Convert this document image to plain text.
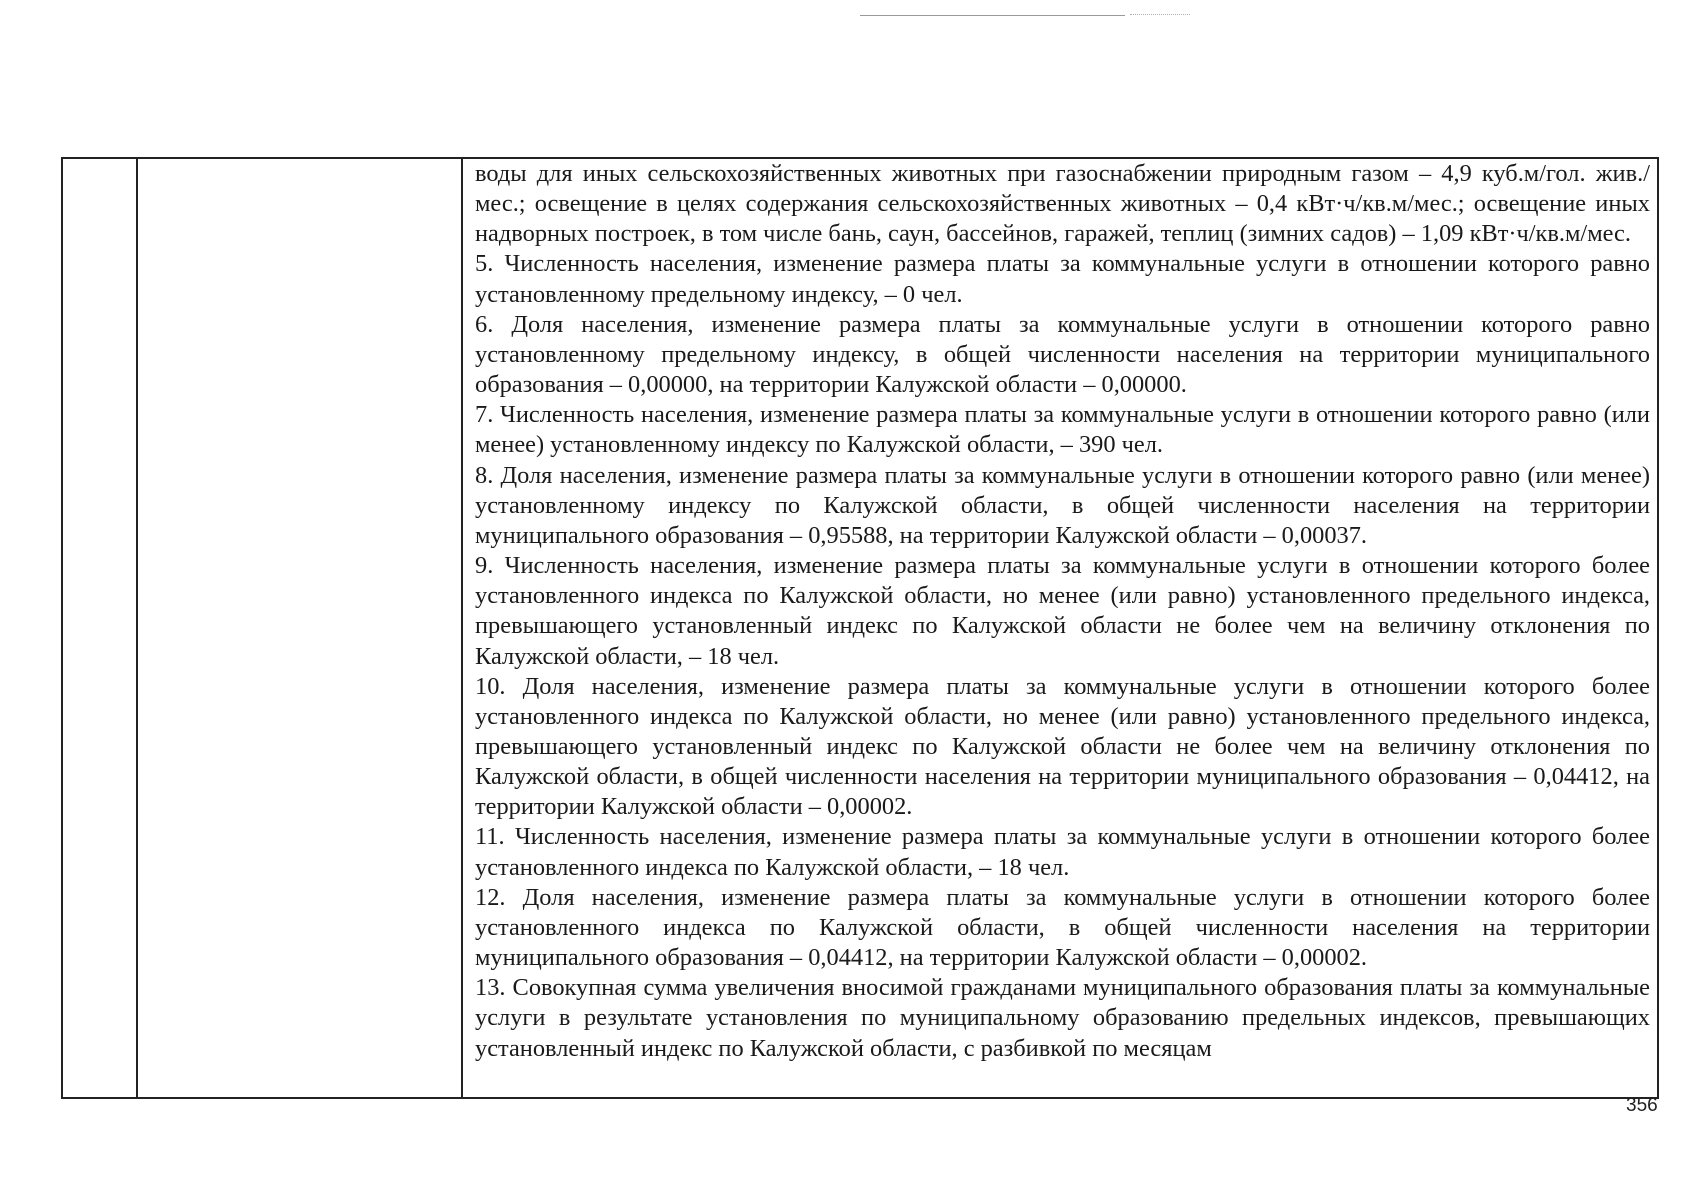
воды для иных сельскохозяйственных животных при газоснабжении природным газом – 4,9 куб.м/гол. жив./мес.; освещение в целях содержания сельскохозяйственных животных – 0,4 кВт·ч/кв.м/мес.; освещение иных надворных построек, в том числе бань, саун, бассейнов, гаражей, теплиц (зимних садов) – 1,09 кВт·ч/кв.м/мес.

5. Численность населения, изменение размера платы за коммунальные услуги в отношении которого равно установленному предельному индексу, – 0 чел.

6. Доля населения, изменение размера платы за коммунальные услуги в отношении которого равно установленному предельному индексу, в общей численности населения на территории муниципального образования – 0,00000, на территории Калужской области – 0,00000.

7. Численность населения, изменение размера платы за коммунальные услуги в отношении которого равно (или менее) установленному индексу по Калужской области, – 390 чел.

8. Доля населения, изменение размера платы за коммунальные услуги в отношении которого равно (или менее) установленному индексу по Калужской области, в общей численности населения на территории муниципального образования – 0,95588, на территории Калужской области – 0,00037.

9. Численность населения, изменение размера платы за коммунальные услуги в отношении которого более установленного индекса по Калужской области, но менее (или равно) установленного предельного индекса, превышающего установленный индекс по Калужской области не более чем на величину отклонения по Калужской области, – 18 чел.

10. Доля населения, изменение размера платы за коммунальные услуги в отношении которого более установленного индекса по Калужской области, но менее (или равно) установленного предельного индекса, превышающего установленный индекс по Калужской области не более чем на величину отклонения по Калужской области, в общей численности населения на территории муниципального образования – 0,04412, на территории Калужской области – 0,00002.

11. Численность населения, изменение размера платы за коммунальные услуги в отношении которого более установленного индекса по Калужской области, – 18 чел.

12. Доля населения, изменение размера платы за коммунальные услуги в отношении которого более установленного индекса по Калужской области, в общей численности населения на территории муниципального образования – 0,04412, на территории Калужской области – 0,00002.

13. Совокупная сумма увеличения вносимой гражданами муниципального образования платы за коммунальные услуги в результате установления по муниципальному образованию предельных индексов, превышающих установленный индекс по Калужской области, с разбивкой по месяцам

356
